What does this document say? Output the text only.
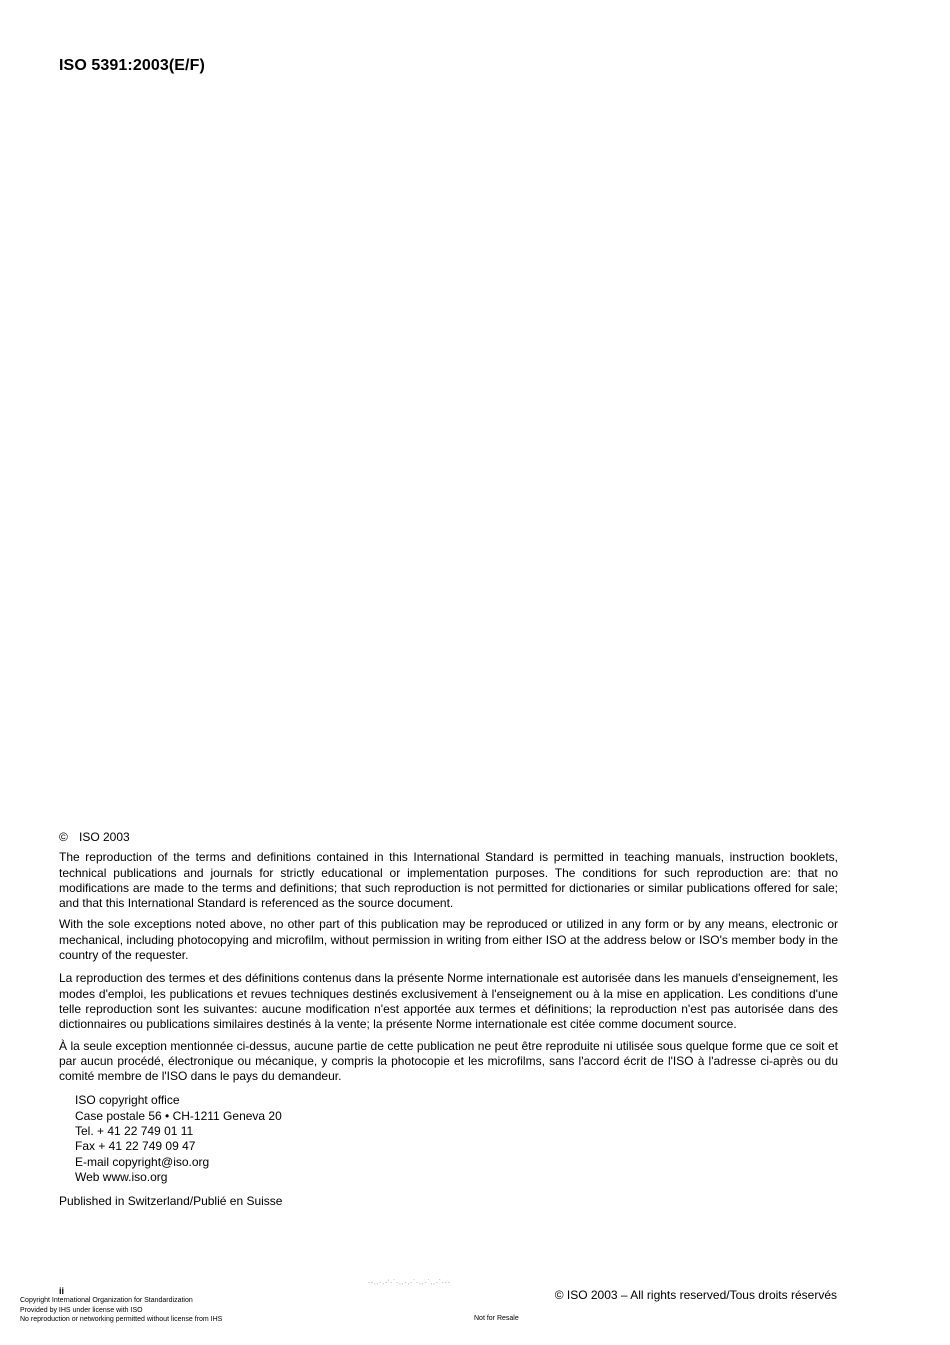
ISO 5391:2003(E/F)

© ISO 2003

The reproduction of the terms and definitions contained in this International Standard is permitted in teaching manuals, instruction booklets, technical publications and journals for strictly educational or implementation purposes. The conditions for such reproduction are: that no modifications are made to the terms and definitions; that such reproduction is not permitted for dictionaries or similar publications offered for sale; and that this International Standard is referenced as the source document.

With the sole exceptions noted above, no other part of this publication may be reproduced or utilized in any form or by any means, electronic or mechanical, including photocopying and microfilm, without permission in writing from either ISO at the address below or ISO's member body in the country of the requester.

La reproduction des termes et des définitions contenus dans la présente Norme internationale est autorisée dans les manuels d'enseignement, les modes d'emploi, les publications et revues techniques destinés exclusivement à l'enseignement ou à la mise en application. Les conditions d'une telle reproduction sont les suivantes: aucune modification n'est apportée aux termes et définitions; la reproduction n'est pas autorisée dans des dictionnaires ou publications similaires destinés à la vente; la présente Norme internationale est citée comme document source.

À la seule exception mentionnée ci-dessus, aucune partie de cette publication ne peut être reproduite ni utilisée sous quelque forme que ce soit et par aucun procédé, électronique ou mécanique, y compris la photocopie et les microfilms, sans l'accord écrit de l'ISO à l'adresse ci-après ou du comité membre de l'ISO dans le pays du demandeur.

ISO copyright office
Case postale 56 • CH-1211 Geneva 20
Tel. + 41 22 749 01 11
Fax + 41 22 749 09 47
E-mail copyright@iso.org
Web www.iso.org

Published in Switzerland/Publié en Suisse

--,,-,-'-`-,,-,-`-,,-`,,-`---
ii
Copyright International Organization for Standardization
Provided by IHS under license with ISO
No reproduction or networking permitted without license from IHS
© ISO 2003 – All rights reserved/Tous droits réservés
Not for Resale
